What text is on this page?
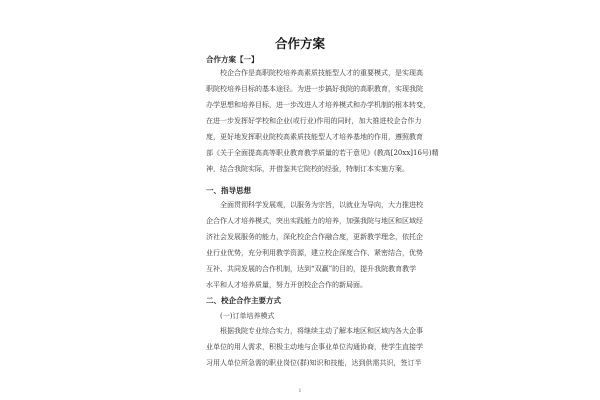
合作方案
合作方案【一】
校企合作是高职院校培养高素质技能型人才的重要模式，是实现高
职院校培养目标的基本途径。为进一步搞好我院的高职教育，实现我院
办学思想和培养目标，进一步改进人才培养模式和办学机制的根本转变，
在进一步发挥好学校和企业(或行业)作用的同时，加大推进校企合作力
度，更好地发挥职业院校高素质技能型人才培养基地的作用，遵照教育
部《关于全面提高高等职业教育教学质量的若干意见》(教高[20xx]16号)精
神，结合我院实际，并借鉴其它院校的经验，特制订本实施方案。
一、指导思想
全面贯彻科学发展观，以服务为宗旨，以就业为导向，大力推进校
企合作人才培养模式，突出实践能力的培养，加强我院与地区和区域经
济社会发展服务的能力，深化校企合作融合度，更新教学理念，依托企
业行业优势，充分利用教学资源，建立校企深度合作、紧密结合，优势
互补、共同发展的合作机制，达到“双赢”的目的，提升我院教育教学
水平和人才培养质量，努力开创校企合作的新局面。
二、校企合作主要方式
(一)订单培养模式
根据我院专业综合实力，将继续主动了解本地区和区域内各大企事
业单位的用人需求，积极主动地与企事业单位沟通协商，使学生直接学
习用人单位所急需的职业岗位(群)知识和技能，达到供需共识，签订半
1
